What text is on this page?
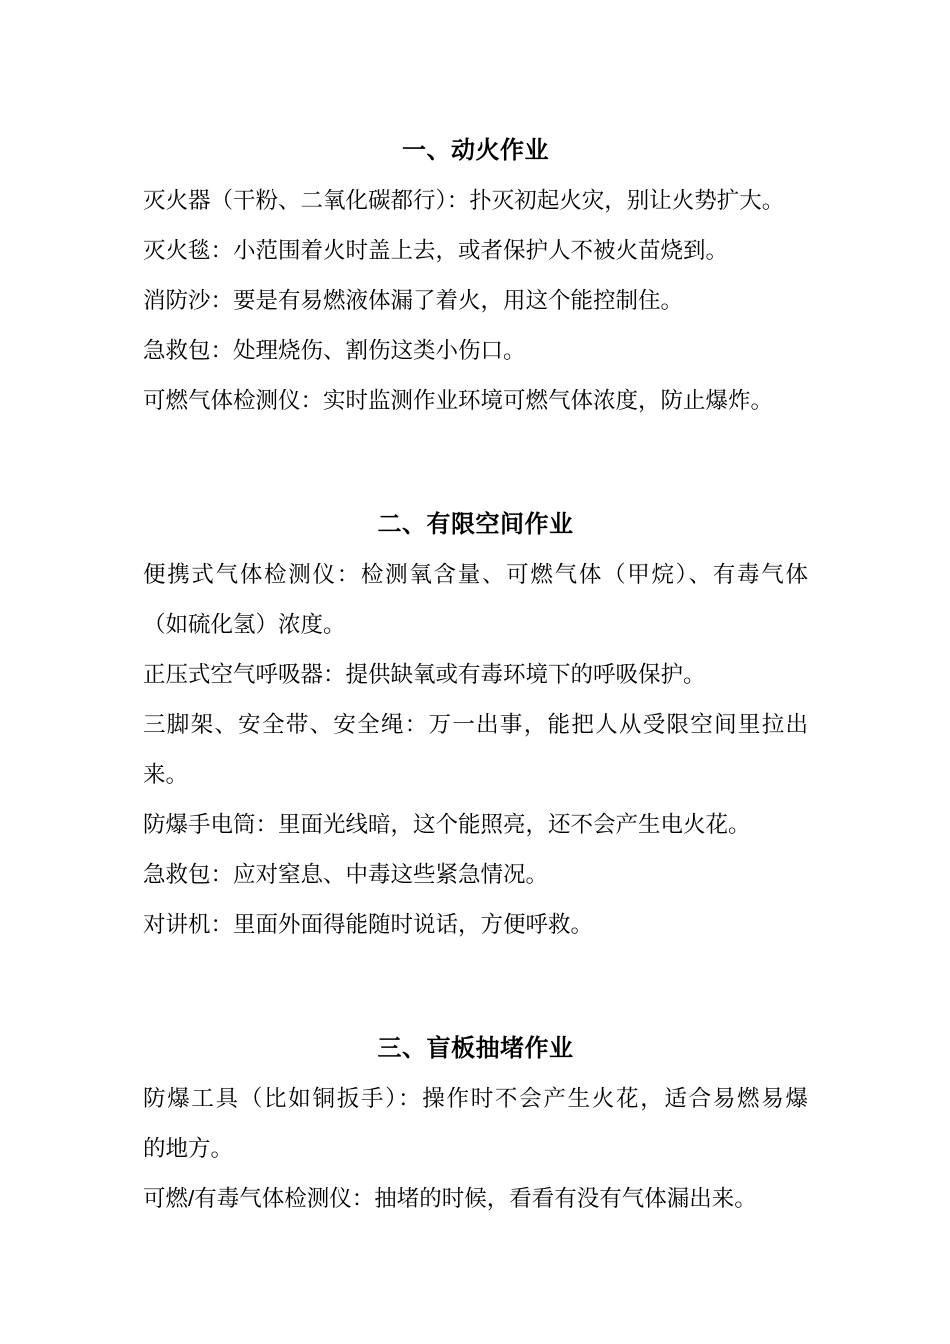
一、动火作业
灭火器（干粉、二氧化碳都行）：扑灭初起火灾，别让火势扩大。
灭火毯：小范围着火时盖上去，或者保护人不被火苗烧到。
消防沙：要是有易燃液体漏了着火，用这个能控制住。
急救包：处理烧伤、割伤这类小伤口。
可燃气体检测仪：实时监测作业环境可燃气体浓度，防止爆炸。
二、有限空间作业
便携式气体检测仪：检测氧含量、可燃气体（甲烷）、有毒气体
（如硫化氢）浓度。
正压式空气呼吸器：提供缺氧或有毒环境下的呼吸保护。
三脚架、安全带、安全绳：万一出事，能把人从受限空间里拉出
来。
防爆手电筒：里面光线暗，这个能照亮，还不会产生电火花。
急救包：应对窒息、中毒这些紧急情况。
对讲机：里面外面得能随时说话，方便呼救。
三、盲板抽堵作业
防爆工具（比如铜扳手）：操作时不会产生火花，适合易燃易爆
的地方。
可燃/有毒气体检测仪：抽堵的时候，看看有没有气体漏出来。
